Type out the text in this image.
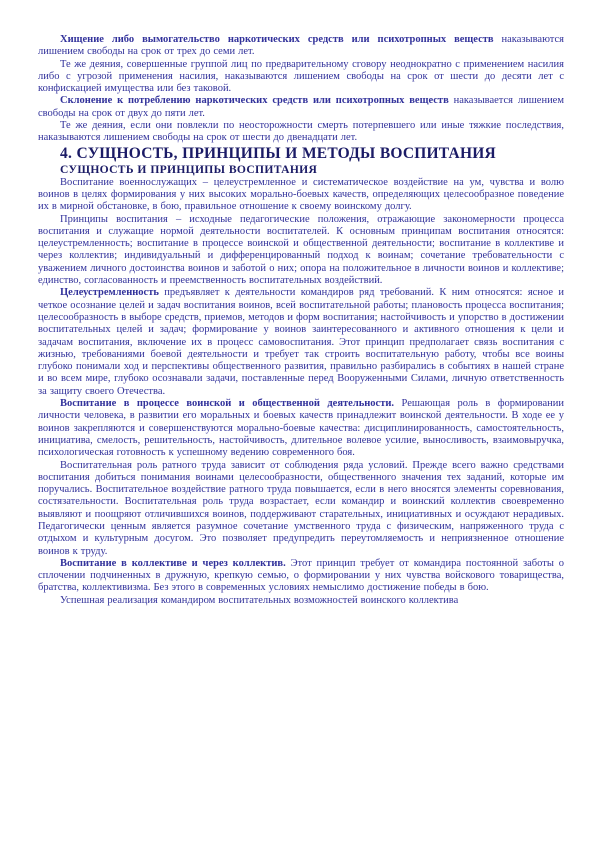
Хищение либо вымогательство наркотических средств или психотропных веществ наказываются лишением свободы на срок от трех до семи лет.

Те же деяния, совершенные группой лиц по предварительному сговору неоднократно с применением насилия либо с угрозой применения насилия, наказываются лишением свободы на срок от шести до десяти лет с конфискацией имущества или без таковой.

Склонение к потреблению наркотических средств или психотропных веществ наказывается лишением свободы на срок от двух до пяти лет.

Те же деяния, если они повлекли по неосторожности смерть потерпевшего или иные тяжкие последствия, наказываются лишением свободы на срок от шести до двенадцати лет.

4. СУЩНОСТЬ, ПРИНЦИПЫ И МЕТОДЫ ВОСПИТАНИЯ

СУЩНОСТЬ И ПРИНЦИПЫ ВОСПИТАНИЯ

Воспитание военнослужащих – целеустремленное и систематическое воздействие на ум, чувства и волю воинов в целях формирования у них высоких морально-боевых качеств, определяющих целесообразное поведение их в мирной обстановке, в бою, правильное отношение к своему воинскому долгу.

Принципы воспитания – исходные педагогические положения, отражающие закономерности процесса воспитания и служащие нормой деятельности воспитателей. К основным принципам воспитания относятся: целеустремленность; воспитание в процессе воинской и общественной деятельности; воспитание в коллективе и через коллектив; индивидуальный и дифференцированный подход к воинам; сочетание требовательности с уважением личного достоинства воинов и заботой о них; опора на положительное в личности воинов и коллективе; единство, согласованность и преемственность воспитательных воздействий.

Целеустремленность предъявляет к деятельности командиров ряд требований. К ним относятся: ясное и четкое осознание целей и задач воспитания воинов, всей воспитательной работы; плановость процесса воспитания; целесообразность в выборе средств, приемов, методов и форм воспитания; настойчивость и упорство в достижении воспитательных целей и задач; формирование у воинов заинтересованного и активного отношения к цели и задачам воспитания, включение их в процесс самовоспитания. Этот принцип предполагает связь воспитания с жизнью, требованиями боевой деятельности и требует так строить воспитательную работу, чтобы все воины глубоко понимали ход и перспективы общественного развития, правильно разбирались в событиях в нашей стране и во всем мире, глубоко осознавали задачи, поставленные перед Вооруженными Силами, личную ответственность за защиту своего Отечества.

Воспитание в процессе воинской и общественной деятельности. Решающая роль в формировании личности человека, в развитии его моральных и боевых качеств принадлежит воинской деятельности. В ходе ее у воинов закрепляются и совершенствуются морально-боевые качества: дисциплинированность, самостоятельность, инициатива, смелость, решительность, настойчивость, длительное волевое усилие, выносливость, взаимовыручка, психологическая готовность к успешному ведению современного боя.

Воспитательная роль ратного труда зависит от соблюдения ряда условий. Прежде всего важно средствами воспитания добиться понимания воинами целесообразности, общественного значения тех заданий, которые им поручались. Воспитательное воздействие ратного труда повышается, если в него вносятся элементы соревнования, состязательности. Воспитательная роль труда возрастает, если командир и воинский коллектив своевременно выявляют и поощряют отличившихся воинов, поддерживают старательных, инициативных и осуждают нерадивых. Педагогически ценным является разумное сочетание умственного труда с физическим, напряженного труда с отдыхом и культурным досугом. Это позволяет предупредить переутомляемость и неприязненное отношение воинов к труду.

Воспитание в коллективе и через коллектив. Этот принцип требует от командира постоянной заботы о сплочении подчиненных в дружную, крепкую семью, о формировании у них чувства войскового товарищества, братства, коллективизма. Без этого в современных условиях немыслимо достижение победы в бою.

Успешная реализация командиром воспитательных возможностей воинского коллектива
